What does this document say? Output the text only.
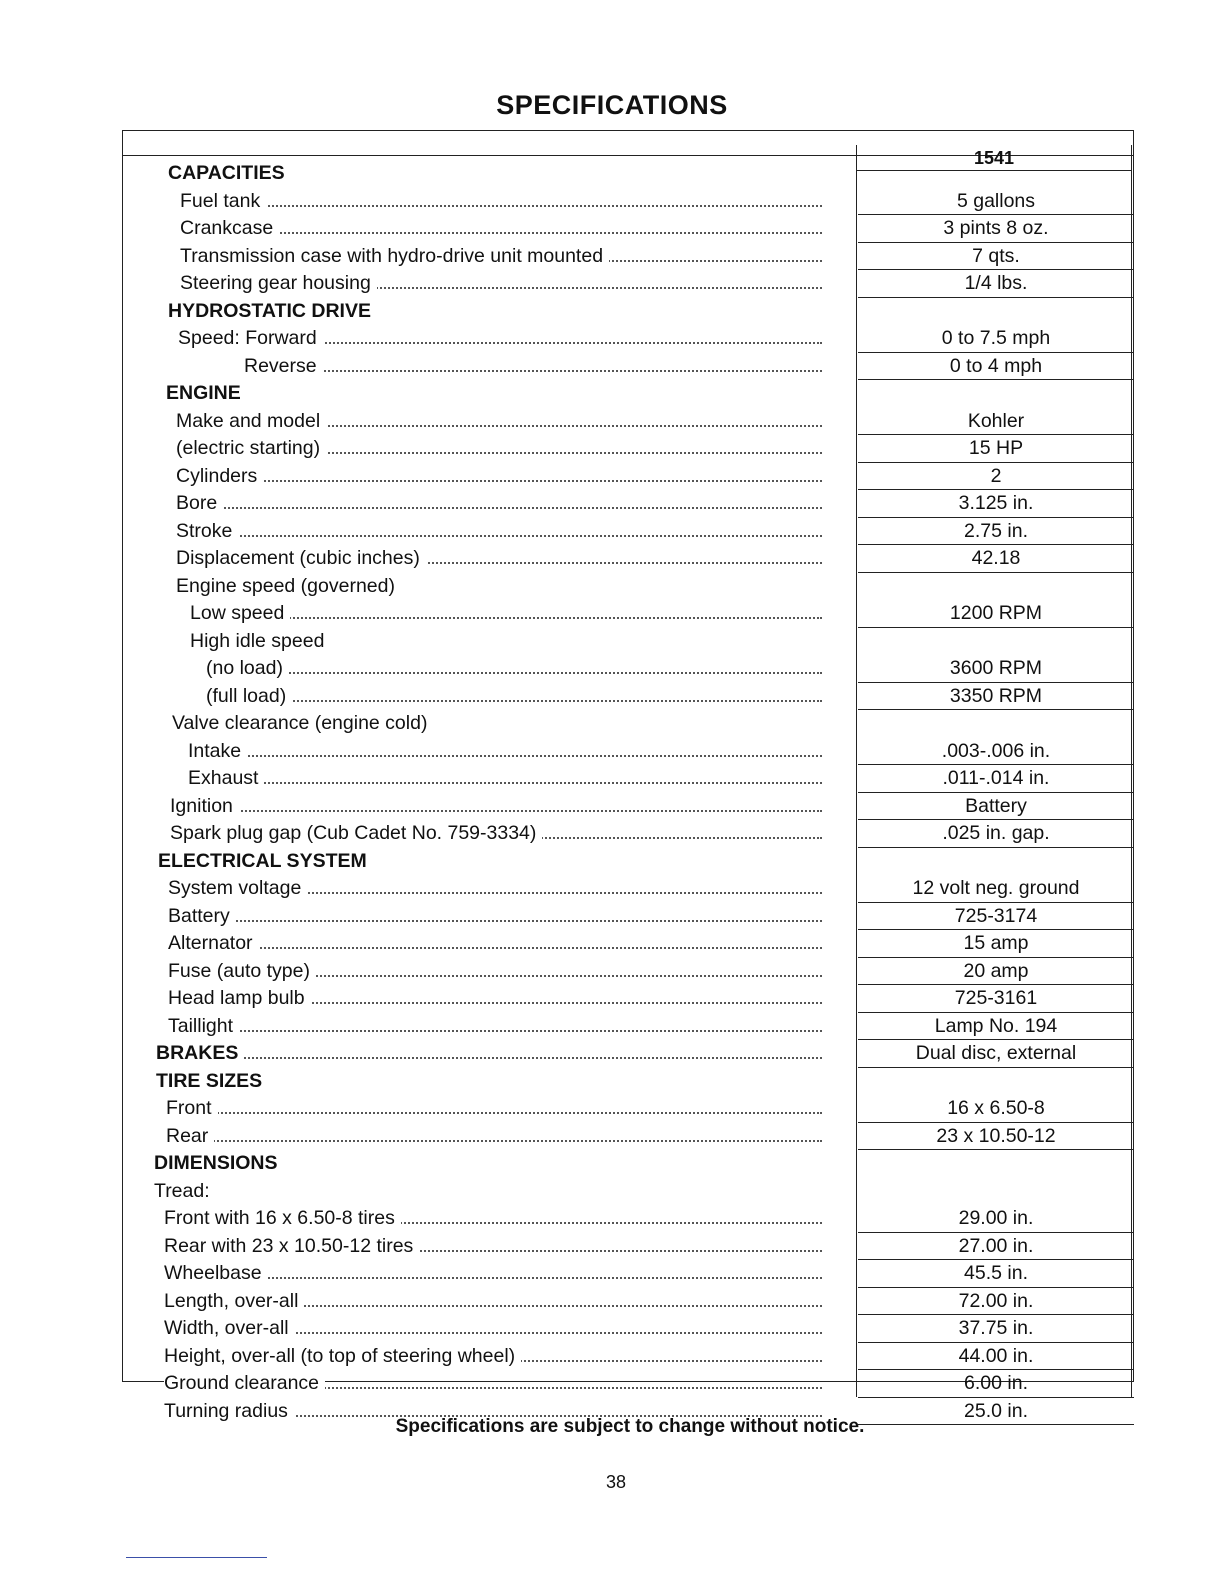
SPECIFICATIONS
1541
CAPACITIES
Fuel tank	5 gallons
Crankcase	3 pints 8 oz.
Transmission case with hydro-drive unit mounted	7 qts.
Steering gear housing	1/4 lbs.
HYDROSTATIC DRIVE
Speed: Forward	0 to 7.5 mph
Reverse	0 to 4 mph
ENGINE
Make and model	Kohler
(electric starting)	15 HP
Cylinders	2
Bore	3.125 in.
Stroke	2.75 in.
Displacement (cubic inches)	42.18
Engine speed (governed)
Low speed	1200 RPM
High idle speed
(no load)	3600 RPM
(full load)	3350 RPM
Valve clearance (engine cold)
Intake	.003-.006 in.
Exhaust	.011-.014 in.
Ignition	Battery
Spark plug gap (Cub Cadet No. 759-3334)	.025 in. gap.
ELECTRICAL SYSTEM
System voltage	12 volt neg. ground
Battery	725-3174
Alternator	15 amp
Fuse (auto type)	20 amp
Head lamp bulb	725-3161
Taillight	Lamp No. 194
BRAKES	Dual disc, external
TIRE SIZES
Front	16 x 6.50-8
Rear	23 x 10.50-12
DIMENSIONS
Tread:
Front with 16 x 6.50-8 tires	29.00 in.
Rear with 23 x 10.50-12 tires	27.00 in.
Wheelbase	45.5 in.
Length, over-all	72.00 in.
Width, over-all	37.75 in.
Height, over-all (to top of steering wheel)	44.00 in.
Ground clearance	6.00 in.
Turning radius	25.0 in.
Specifications are subject to change without notice.
38
